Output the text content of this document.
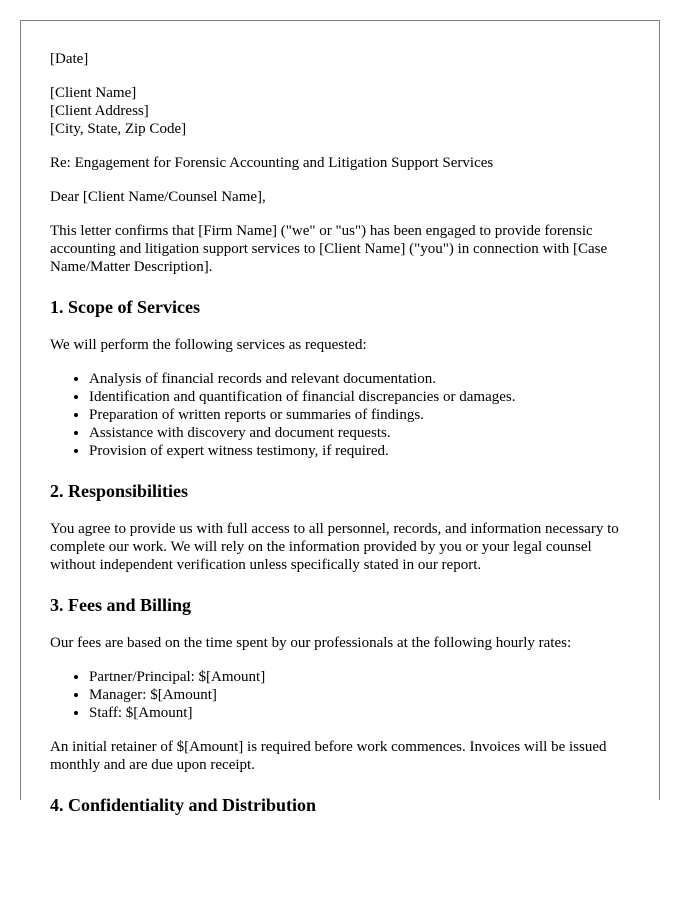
[Date]

[Client Name]

[Client Address]

[City, State, Zip Code]

Re: Engagement for Forensic Accounting and Litigation Support Services

Dear [Client Name/Counsel Name],

This letter confirms that [Firm Name] ("we" or "us") has been engaged to provide forensic accounting and litigation support services to [Client Name] ("you") in connection with [Case Name/Matter Description].

1. Scope of Services

We will perform the following services as requested:

• Analysis of financial records and relevant documentation.
• Identification and quantification of financial discrepancies or damages.
• Preparation of written reports or summaries of findings.
• Assistance with discovery and document requests.
• Provision of expert witness testimony, if required.
2. Responsibilities

You agree to provide us with full access to all personnel, records, and information necessary to complete our work. We will rely on the information provided by you or your legal counsel without independent verification unless specifically stated in our report.

3. Fees and Billing

Our fees are based on the time spent by our professionals at the following hourly rates:

• Partner/Principal: $[Amount]
• Manager: $[Amount]
• Staff: $[Amount]

An initial retainer of $[Amount] is required before work commences. Invoices will be issued monthly and are due upon receipt.

4. Confidentiality and Distribution
